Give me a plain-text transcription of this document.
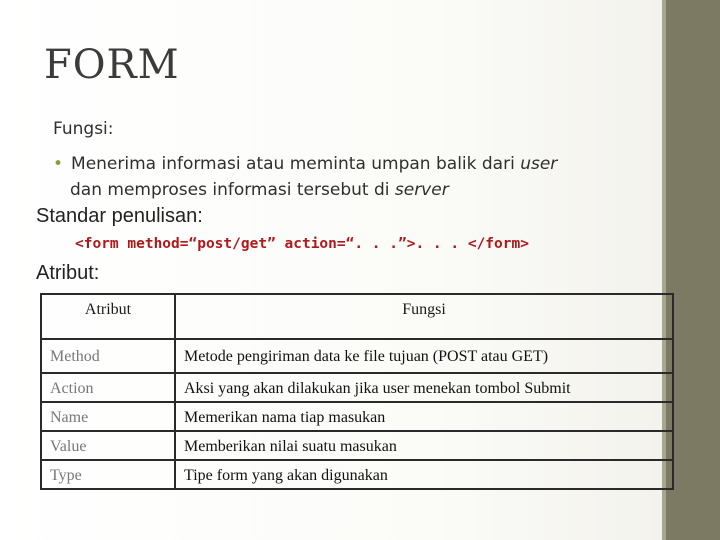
FORM
Fungsi:
• Menerima informasi atau meminta umpan balik dari user
dan memproses informasi tersebut di server
Standar penulisan:
<form method=“post/get” action=“. . .”>. . . </form>
Atribut:
Atribut	Fungsi
Method	Metode pengiriman data ke file tujuan (POST atau GET)
Action	Aksi yang akan dilakukan jika user menekan tombol Submit
Name	Memerikan nama tiap masukan
Value	Memberikan nilai suatu masukan
Type	Tipe form yang akan digunakan
